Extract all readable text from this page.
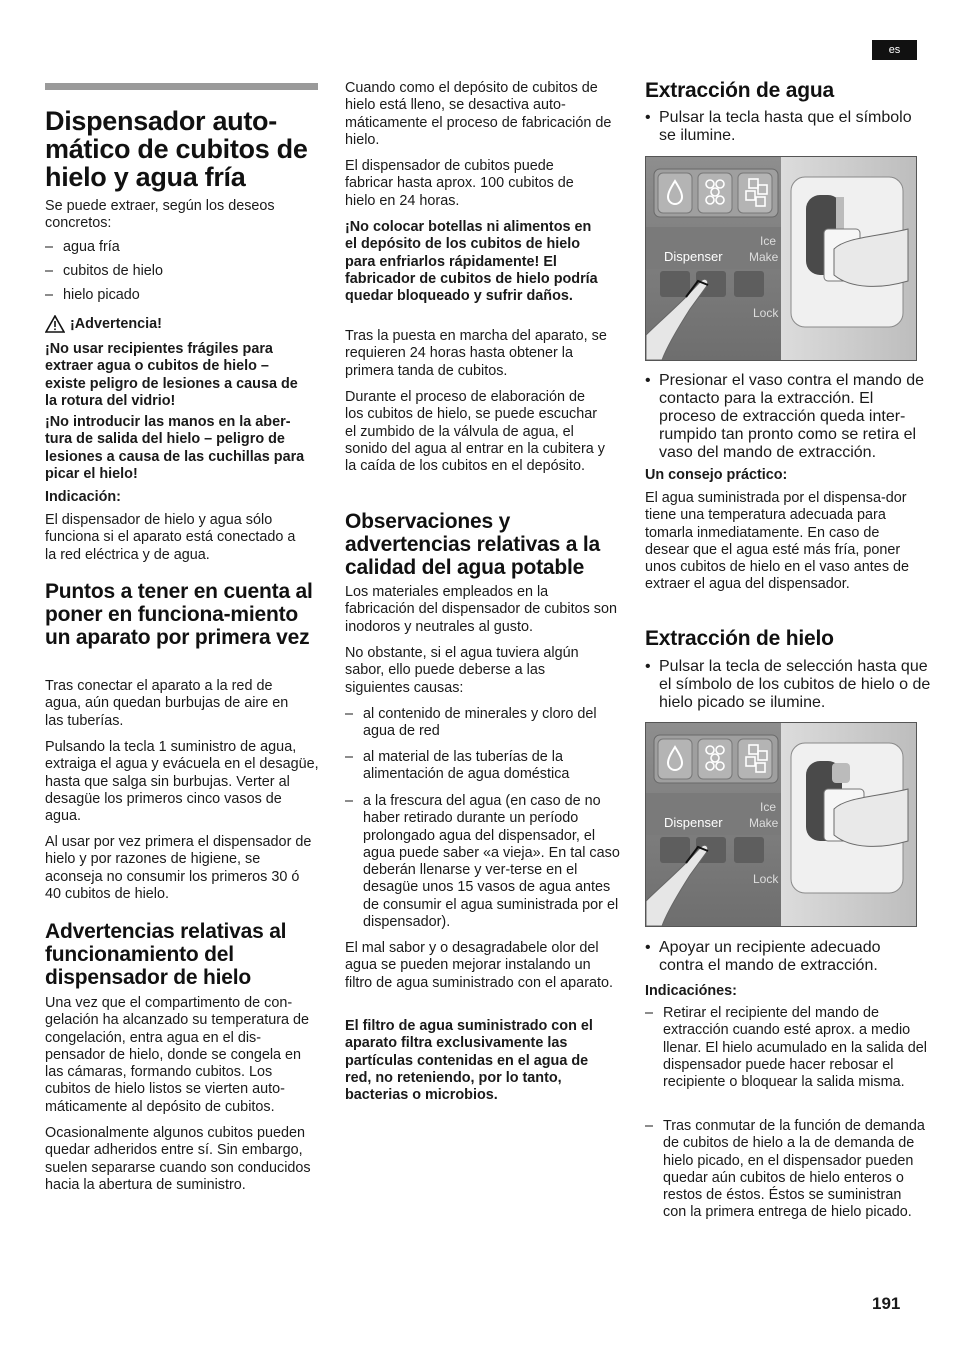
es
Dispensador auto-
mático de cubitos de
hielo y agua fría

Se puede extraer, según los deseos concretos:

– agua fría
– cubitos de hielo
– hielo picado
¡Advertencia!

¡No usar recipientes frágiles para extraer agua o cubitos de hielo – existe peligro de lesiones a causa de la rotura del vidrio!

¡No introducir las manos en la aber-tura de salida del hielo – peligro de lesiones a causa de las cuchillas para picar el hielo!

Indicación:

El dispensador de hielo y agua sólo funciona si el aparato está conectado a la red eléctrica y de agua.

Puntos a tener en cuenta al poner en funciona-miento un aparato por primera vez

Tras conectar el aparato a la red de agua, aún quedan burbujas de aire en las tuberías.

Pulsando la tecla 1 suministro de agua, extraiga el agua y evácuela en el desagüe, hasta que salga sin burbujas. Verter al desagüe los primeros cinco vasos de agua.

Al usar por vez primera el dispensador de hielo y por razones de higiene, se aconseja no consumir los primeros 30 ó 40 cubitos de hielo.

Advertencias relativas al funcionamiento del dispensador de hielo

Una vez que el compartimento de con-gelación ha alcanzado su temperatura de congelación, entra agua en el dis-pensador de hielo, donde se congela en las cámaras, formando cubitos. Los cubitos de hielo listos se vierten auto-máticamente al depósito de cubitos.

Ocasionalmente algunos cubitos pueden quedar adheridos entre sí. Sin embargo, suelen separarse cuando son conducidos hacia la abertura de suministro.

Cuando como el depósito de cubitos de hielo está lleno, se desactiva auto-máticamente el proceso de fabricación de hielo.

El dispensador de cubitos puede fabricar hasta aprox. 100 cubitos de hielo en 24 horas.

¡No colocar botellas ni alimentos en el depósito de los cubitos de hielo para enfriarlos rápidamente! El fabricador de cubitos de hielo podría quedar bloqueado y sufrir daños.

Tras la puesta en marcha del aparato, se requieren 24 horas hasta obtener la primera tanda de cubitos.

Durante el proceso de elaboración de los cubitos de hielo, se puede escuchar el zumbido de la válvula de agua, el sonido del agua al entrar en la cubitera y la caída de los cubitos en el depósito.

Observaciones y advertencias relativas a la calidad del agua potable

Los materiales empleados en la fabricación del dispensador de cubitos son inodoros y neutrales al gusto.

No obstante, si el agua tuviera algún sabor, ello puede deberse a las siguientes causas:

– al contenido de minerales y cloro del agua de red
– al material de las tuberías de la alimentación de agua doméstica
– a la frescura del agua (en caso de no haber retirado durante un período prolongado agua del dispensador, el agua puede saber «a vieja». En tal caso deberán llenarse y ver-terse en el desagüe unos 15 vasos de agua antes de consumir el agua suministrada por el dispensador).

El mal sabor y o desagradabele olor del agua se pueden mejorar instalando un filtro de agua suministrado con el aparato.

El filtro de agua suministrado con el aparato filtra exclusivamente las partículas contenidas en el agua de red, no reteniendo, por lo tanto, bacterias o microbios.

Extracción de agua
• Pulsar la tecla hasta que el símbolo se ilumine.
Dispenser
Ice
Make
Lock
• Presionar el vaso contra el mando de contacto para la extracción. El proceso de extracción queda inter-rumpido tan pronto como se retira el vaso del mando de extracción.

Un consejo práctico:

El agua suministrada por el dispensa-dor tiene una temperatura adecuada para tomarla inmediatamente. En caso de desear que el agua esté más fría, poner unos cubitos de hielo en el vaso antes de extraer el agua del dispensador.

Extracción de hielo
• Pulsar la tecla de selección hasta que el símbolo de los cubitos de hielo o de hielo picado se ilumine.
Dispenser
Ice
Make
Lock
• Apoyar un recipiente adecuado contra el mando de extracción.

Indicaciónes:

– Retirar el recipiente del mando de extracción cuando esté aprox. a medio llenar. El hielo acumulado en la salida del dispensador puede hacer rebosar el recipiente o bloquear la salida misma.
– Tras conmutar de la función de demanda de cubitos de hielo a la de demanda de hielo picado, en el dispensador pueden quedar aún cubitos de hielo enteros o restos de éstos. Éstos se suministran con la primera entrega de hielo picado.
191
